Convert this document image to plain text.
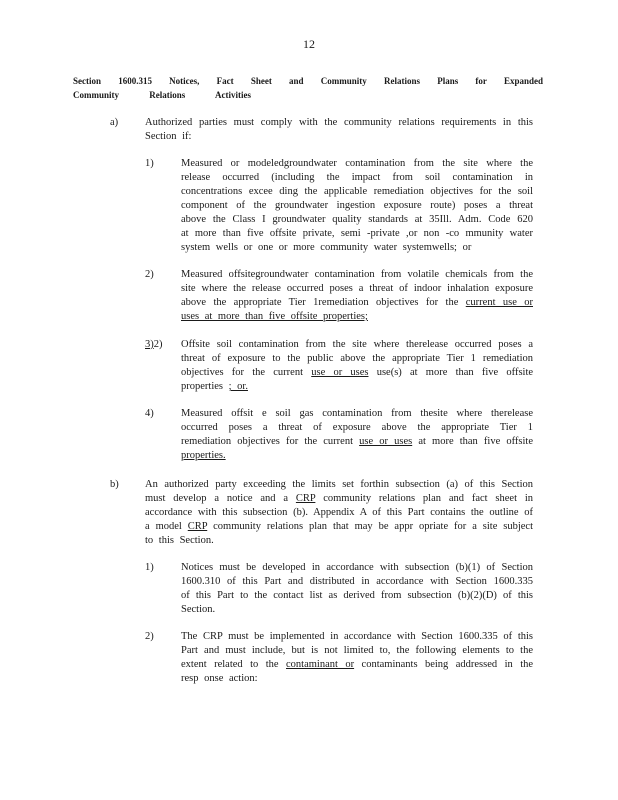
12
Section 1600.315 Notices, Fact Sheet and Community Relations Plans for Expanded
Community Relations Activities
a)	Authorized parties must comply with the community relations requirements in this Section if:
1)	Measured or modeledgroundwater contamination from the site where the release occurred (including the impact from soil contamination in concentrations excee ding the applicable remediation objectives for the soil component of the groundwater ingestion exposure route) poses a threat above the Class I groundwater quality standards at 35Ill. Adm. Code 620 at more than five offsite private, semi -private ,or non -co mmunity water system wells or one or more community water systemwells; or
2)	Measured offsitegroundwater contamination from volatile chemicals from the site where the release occurred poses a threat of indoor inhalation exposure above the appropriate Tier 1remediation objectives for the current use or uses at more than five offsite properties;
3)2) Offsite soil contamination from the site where therelease occurred poses a threat of exposure to the public above the appropriate Tier 1 remediation objectives for the current use or uses use(s) at more than five offsite properties ; or.
4)	Measured offsit e soil gas contamination from thesite where therelease occurred poses a threat of exposure above the appropriate Tier 1 remediation objectives for the current use or uses at more than five offsite properties.
b)	An authorized party exceeding the limits set forthin subsection (a) of this Section must develop a notice and a CRP community relations plan and fact sheet in accordance with this subsection (b). Appendix A of this Part contains the outline of a model CRP community relations plan that may be appr opriate for a site subject to this Section.
1)	Notices must be developed in accordance with subsection (b)(1) of Section 1600.310 of this Part and distributed in accordance with Section 1600.335 of this Part to the contact list as derived from subsection (b)(2)(D) of this Section.
2)	The CRP must be implemented in accordance with Section 1600.335 of this Part and must include, but is not limited to, the following elements to the extent related to the contaminant or contaminants being addressed in the resp onse action:
